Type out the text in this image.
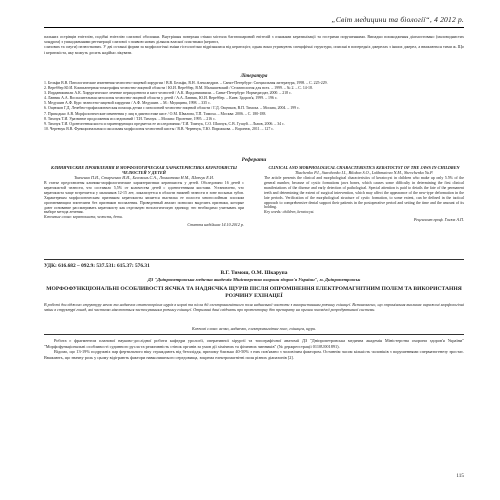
„Світ медицини та біології“, 4 2012 р.
пальних острівців епітелію, подібні епітелію слизової оболонки. Внутрішня поверхня стінки містила багатошаровий епітелій з ознаками кератинізації та гострими порушеннями. Випадки пошкодження діагностовано (маловоднистих хондром) з ушкодженнями регенерації слизової з появою нових ділянок власної пластинки (кератоз,
слизових та смуги) пелюсткових. У дві останні форми за морфологічні зміни гістологічно відрізнялися від кератоціст, однак вони утримують специфічні структури, описані в попередніх джерелах з інших джерел, а вважаються тими ж. Що і кератокіста, яку можуть досить надійно лікувати.
Література
1. Бельфи В.В. Патологические изменения челюстно-лицевой хирургии / В.В. Бельфи, В.Н. Александров. – Санкт-Петербург: Специальная литература, 1998. – С. 225-229.
2. Вереббер Ю.И. Компьютерная томография челюстно-лицевой области / Ю.И. Вереббер, В.М. Малышевский / Стоматология для всех. – 1999. – № 2. – С. 14-18.
3. Иорданишвили А.К. Хирургическое лечение периодонтита и кист челюстей / А.К. Иорданишвили. – Санкт-Петербург: Нормедиздат, 2000. – 218 с.
4. Лавник А.А. Воспалительная патология челюстно-лицевой области у детей / А.А. Лавник, Ю.И. Вереббер. – Киев: Здоров'я, 1999. – 196 с.
5. Медушин А.Ф. Курс челюстно-лицевой хирургии / А.Ф. Медушин. – М.: Медицина, 1998. – 335 с.
6. Ощепков Г.Д. Лечебно-профилактическая помощь детям с патологией челюстно-лицевой области / Г.Д. Ощепков, В.П. Тимоха. – Москва, 2004. – 199 с.
7. Приходько А.В. Морфологические изменения у лиц в диагностике кист / О.М. Швалова, Т.П. Тимоха. – Москва: 2006. – С. 180-188.
8. Тимчук Т.И. Уразвитие продолжения исследований / Т.И. Тимчук. – Москва: Прозение, 1995. – 216 с.
9. Тимчук Т.И. Одонтогенная киста и гарантирующих предметах ее исследования / Т.И. Тимчук, С.О. Шапчук, С.В. Гушуй. – Львов, 2006. – 34 с.
10. Черевчук В.В. Функциональная и оксальная морфология челюстной кисты / В.В. Черевчук, Т.Ю. Пирожкова. – Воронеж, 2011. – 127 с.
Реферати
КЛИНИЧЕСКИЕ ПРОЯВЛЕНИЯ И МОРФОЛОГИЧЕСКАЯ ХАРАКТЕРИСТИКА КЕРАТОКИСТЫ ЧЕЛЮСТЕЙ У ДЕТЕЙ
Ткаченко П.И., Старченко И.И., Белоконь С.А., Лохматова Н.М., Шевчук Е.И.
В статье представлены клинико-морфологические характеристики кератокисты у детей. Обследовано 16 детей с кератокистой челюсти, что составило 5,5% от количества детей с одонтогенными кистами. Установлено, что кератокиста чаще встречается у мальчиков 12-15 лет, локализуется в области нижней челюсти в зоне восьмых зубов. Характерным морфологическим признаком кератокисты является выстилка ее полости многослойным плоским ороговевающим эпителием без признаков воспаления. Проведенный анализ позволил выделить признаки, которые дают основание рассматривать кератокисту как отдельную нозологическую единицу, что необходимо учитывать при выборе метода лечения.
Ключевые слова: кератокиста, челюсть, дети.
Стаття надійшла 14.10.2012 р.
CLINICAL AND MORPHOLOGICAL CHARACTERISTICS KERATOCYST OF THE JAWS IN CHILDREN
Tkachenko P.I., Starchenko I.I., Bilokon S.O., Lokhmatova N.M., Shevchenko Yu.P.
The article presents the clinical and morphological characteristics of keratocyst in children who make up only 5.5% of the general number, because of cystic formations jaws bones, which causes some difficulty in determining the first clinical manifestations of the disease and early detection of pathological. Special attention is paid to details the fate of the permanent teeth and determining the extent of surgical intervention, which may affect the appearance of the new-type deformation in the late periods. Verification of the morphological structure of cystic formation, to some extent, can be defined in the tactical approach to comprehensive dental support their patients in the postoperative period and setting the time and the amount of its holding.
Key words: children, keratocyst.
Рецензент проф. Гасюк А.П.
УДК: 616.682 – 092.9: 537.531: 615.37: 576.31
В.Г. Тимош, О.М. Шкарупа
ДЗ "Дніпропетровська медична академія Міністерства охорони здоров'я України", м. Дніпропетровськ
МОРФОФУНКЦІОНАЛЬНІ ОСОБЛИВОСТІ ЯЄЧКА ТА НАДЯЄЧКА ЩУРІВ ПІСЛЯ ОПРОМІНЕННЯ ЕЛЕКТРОМАГНІТНИМ ПОЛЕМ ТА ВИКОРИСТАННЯ РОЗЧИНУ ЕХІНАЦЕЇ
В роботі досліджено структуру яєчок та надяєчок статевозрілих щурів в нормі та після дії електромагнітного поля наднизької частоти з використанням розчину ехінацеї. Встановлено, що опромінення викликає виражені морфологічні зміни в структурі гонад, які частково нівелюються застосуванням розчину ехінацеї. Отримані дані свідчать про протекторну дію препарату на органи чоловічої репродуктивної системи.
Ключові слова: яєчко, надяєчко, електромагнітне поле, ехінацея, щури.
Робота є фрагментом планової науково-дослідної роботи кафедри урології, оперативної хірургії та топографічної анатомії ДЗ "Дніпропетровська медична академія Міністерства охорони здоров'я України" "Морфофункціональні особливості судинного русла та реактивність стінок органів за умов дії хімічних та фізичних чинників" (№ держреєстрації 0110U001891).
Відомо, що 13-19% подружніх пар фертильного віку страждають від безпліддя, причому близько 40-50% з них пов'язано з чоловічим фактором. Останнім часом кількість чоловіків з порушеннями сперматогенезу зростає. Вважають, що значну роль у цьому відіграють фактори навколишнього середовища, зокрема електромагнітні поля різних діапазонів [2].
115
